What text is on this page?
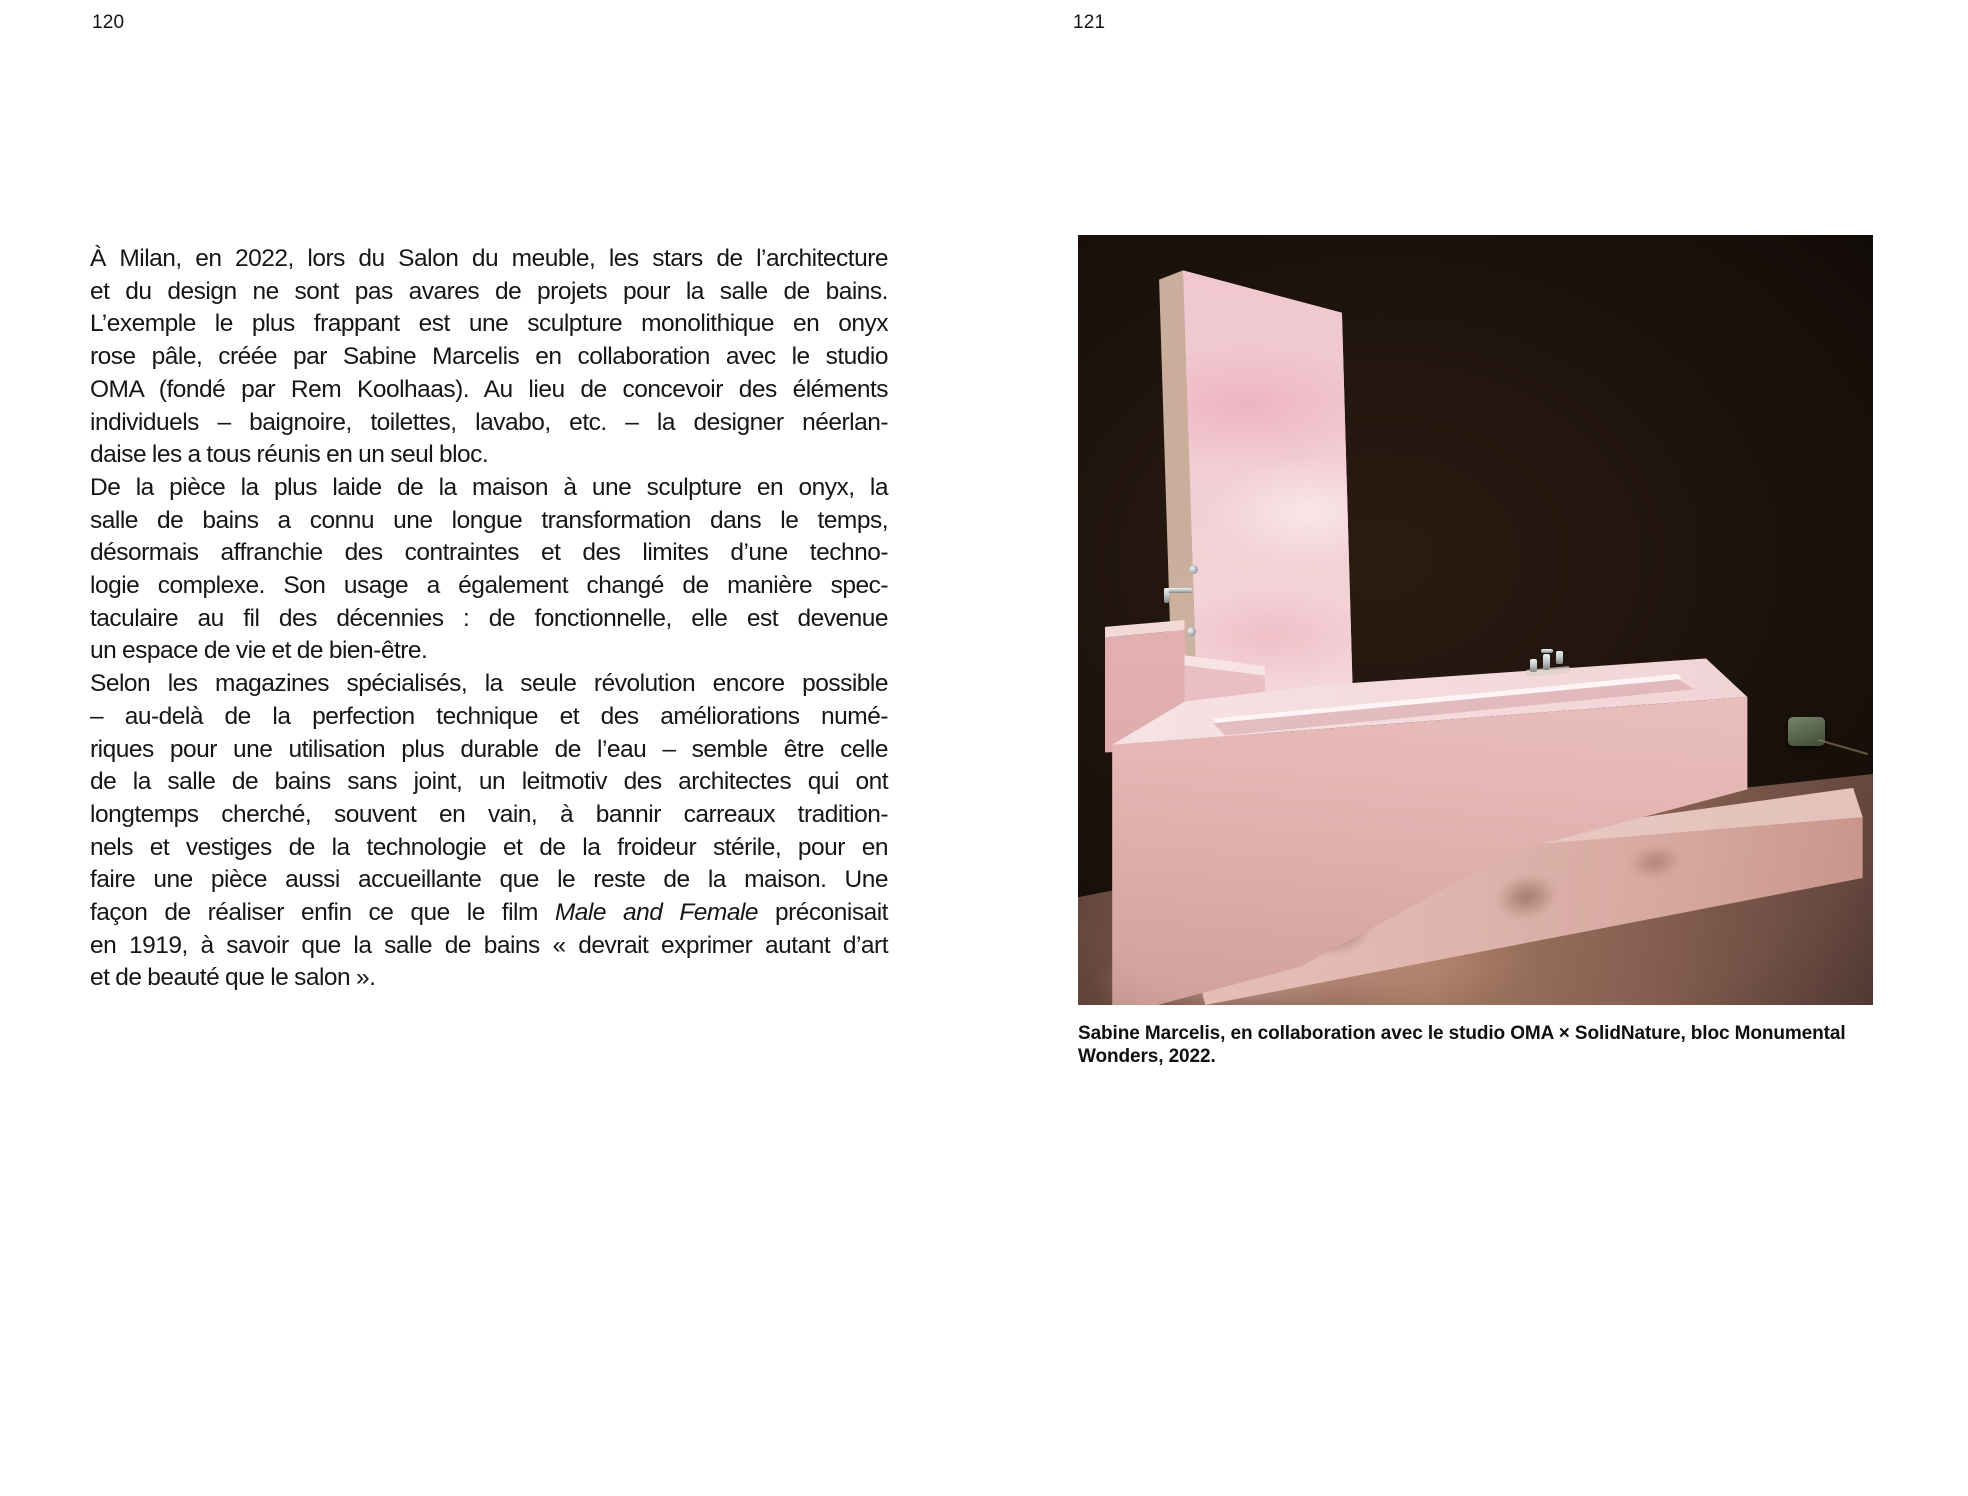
120
À Milan, en 2022, lors du Salon du meuble, les stars de l’architecture
et du design ne sont pas avares de projets pour la salle de bains.
L’exemple le plus frappant est une sculpture monolithique en onyx
rose pâle, créée par Sabine Marcelis en collaboration avec le studio
OMA (fondé par Rem Koolhaas). Au lieu de concevoir des éléments
individuels – baignoire, toilettes, lavabo, etc. – la designer néerlan-
daise les a tous réunis en un seul bloc.
De la pièce la plus laide de la maison à une sculpture en onyx, la
salle de bains a connu une longue transformation dans le temps,
désormais affranchie des contraintes et des limites d’une techno-
logie complexe. Son usage a également changé de manière spec-
taculaire au fil des décennies : de fonctionnelle, elle est devenue
un espace de vie et de bien-être.
Selon les magazines spécialisés, la seule révolution encore possible
– au-delà de la perfection technique et des améliorations numé-
riques pour une utilisation plus durable de l’eau – semble être celle
de la salle de bains sans joint, un leitmotiv des architectes qui ont
longtemps cherché, souvent en vain, à bannir carreaux tradition-
nels et vestiges de la technologie et de la froideur stérile, pour en
faire une pièce aussi accueillante que le reste de la maison. Une
façon de réaliser enfin ce que le film Male and Female préconisait
en 1919, à savoir que la salle de bains « devrait exprimer autant d’art
et de beauté que le salon ».
121
Sabine Marcelis, en collaboration avec le studio OMA × SolidNature, bloc Monumental
Wonders, 2022.
